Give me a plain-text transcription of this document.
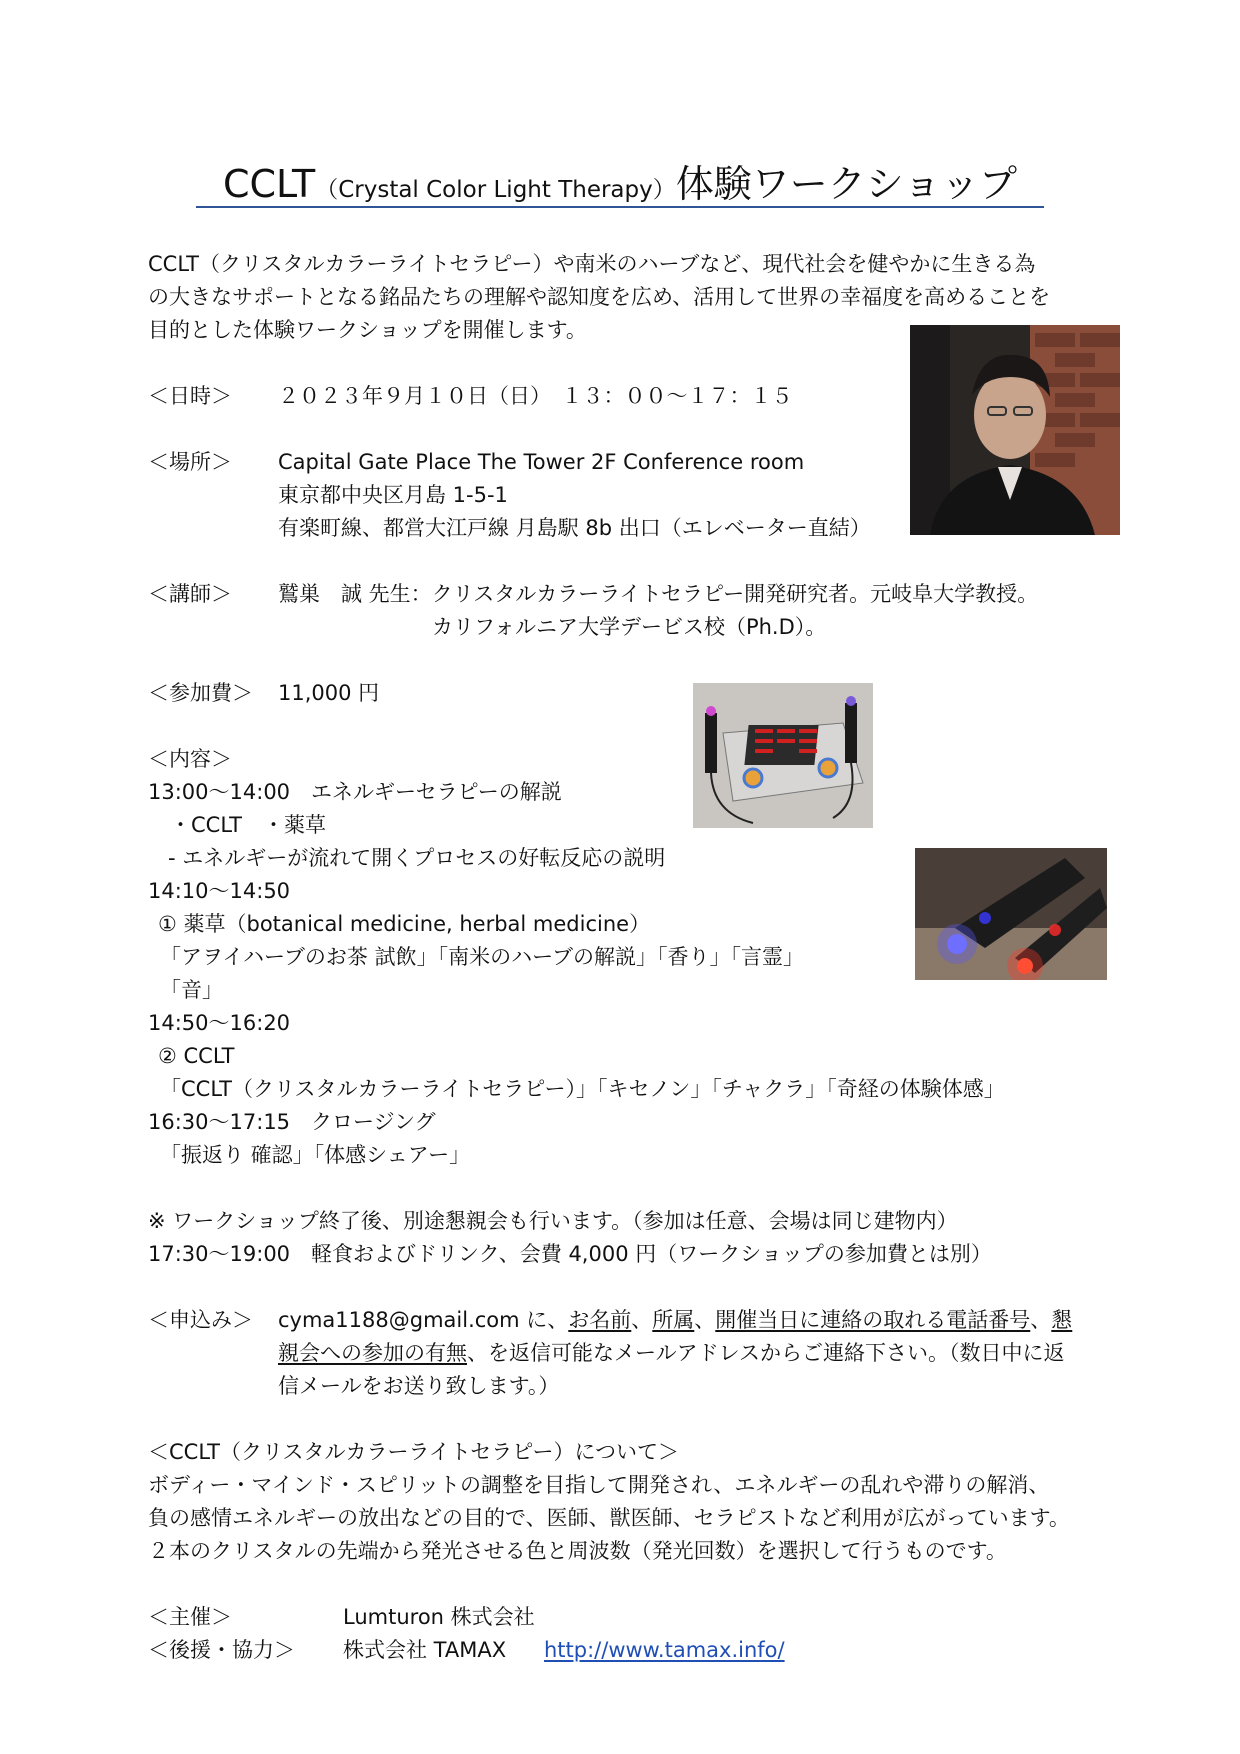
CCLT（Crystal Color Light Therapy）体験ワークショップ
CCLT（クリスタルカラーライトセラピー）や南米のハーブなど、現代社会を健やかに生きる為
の大きなサポートとなる銘品たちの理解や認知度を広め、活用して世界の幸福度を高めることを
目的とした体験ワークショップを開催します。
＜日時＞ ２０２３年９月１０日（日）　１３：００～１７：１５
＜場所＞ Capital Gate Place The Tower 2F Conference room
東京都中央区月島 1-5-1
有楽町線、都営大江戸線 月島駅 8b 出口（エレベーター直結）
＜講師＞ 鷲巣　誠 先生：クリスタルカラーライトセラピー開発研究者。元岐阜大学教授。
カリフォルニア大学デービス校（Ph.D）。
＜参加費＞ 11,000 円
＜内容＞
13:00～14:00　エネルギーセラピーの解説
・CCLT　・薬草
- エネルギーが流れて開くプロセスの好転反応の説明
14:10～14:50
① 薬草（botanical medicine, herbal medicine）
「アヲイハーブのお茶 試飲」「南米のハーブの解説」「香り」「言霊」
「音」
14:50～16:20
② CCLT
「CCLT（クリスタルカラーライトセラピー）」「キセノン」「チャクラ」「奇経の体験体感」
16:30～17:15　クロージング
「振返り 確認」「体感シェアー」
※ ワークショップ終了後、別途懇親会も行います。（参加は任意、会場は同じ建物内）
17:30～19:00　軽食およびドリンク、会費 4,000 円（ワークショップの参加費とは別）
＜申込み＞ cyma1188@gmail.com に、お名前、所属、開催当日に連絡の取れる電話番号、懇
親会への参加の有無、を返信可能なメールアドレスからご連絡下さい。（数日中に返
信メールをお送り致します。）
＜CCLT（クリスタルカラーライトセラピー）について＞
ボディー・マインド・スピリットの調整を目指して開発され、エネルギーの乱れや滞りの解消、
負の感情エネルギーの放出などの目的で、医師、獣医師、セラピストなど利用が広がっています。
２本のクリスタルの先端から発光させる色と周波数（発光回数）を選択して行うものです。
＜主催＞	Lumturon 株式会社
＜後援・協力＞ 株式会社 TAMAX http://www.tamax.info/
